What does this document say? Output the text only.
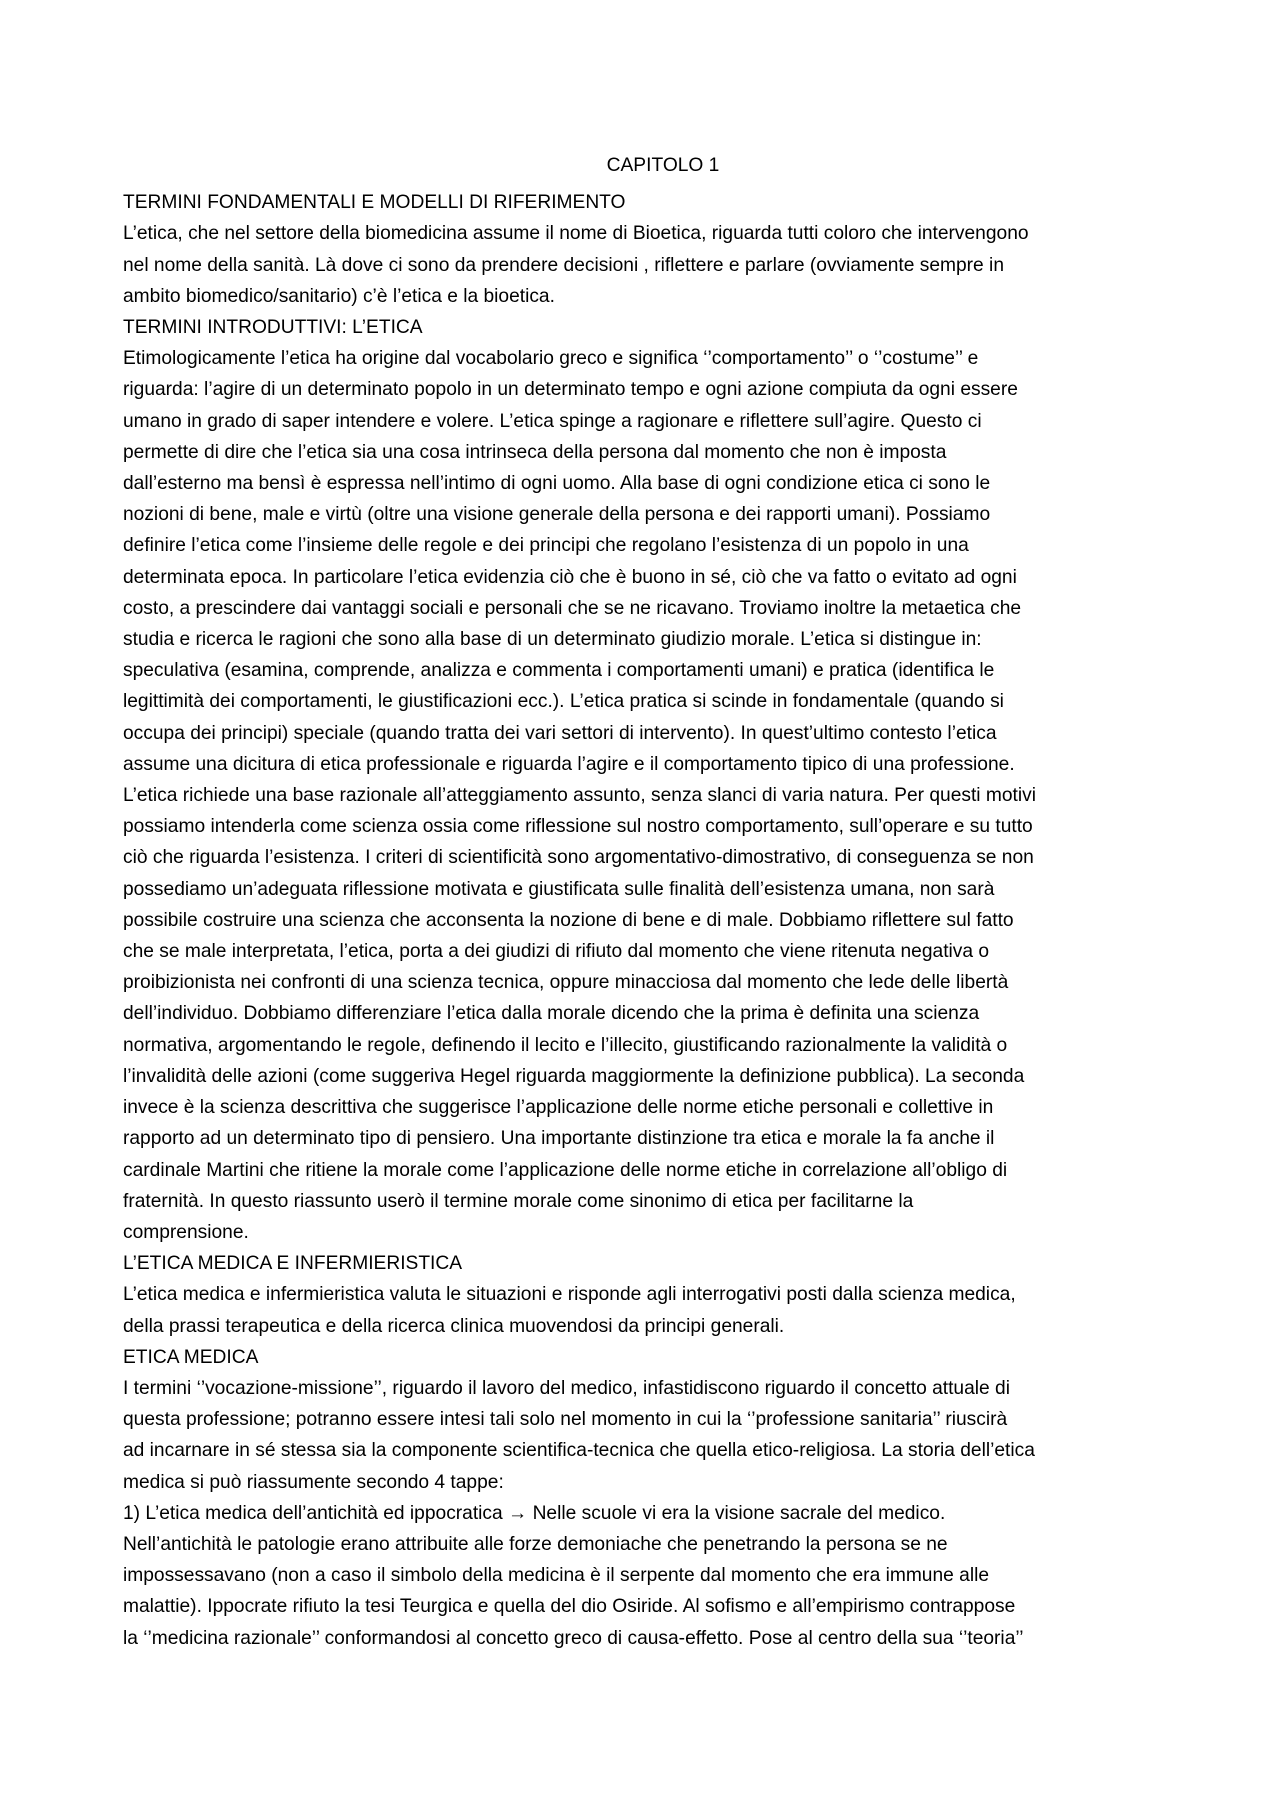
CAPITOLO 1
TERMINI FONDAMENTALI E MODELLI DI RIFERIMENTO
L’etica, che nel settore della biomedicina assume il nome di Bioetica, riguarda tutti coloro che intervengono
nel nome della sanità. Là dove ci sono da prendere decisioni , riflettere e parlare (ovviamente sempre in
ambito biomedico/sanitario) c’è l’etica e la bioetica.
TERMINI INTRODUTTIVI: L’ETICA
Etimologicamente l’etica ha origine dal vocabolario greco e significa ‘’comportamento’’ o ‘’costume’’ e
riguarda: l’agire di un determinato popolo in un determinato tempo e ogni azione compiuta da ogni essere
umano in grado di saper intendere e volere. L’etica spinge a ragionare e riflettere sull’agire. Questo ci
permette di dire che l’etica sia una cosa intrinseca della persona dal momento che non è imposta
dall’esterno ma bensì è espressa nell’intimo di ogni uomo. Alla base di ogni condizione etica ci sono le
nozioni di bene, male e virtù (oltre una visione generale della persona e dei rapporti umani). Possiamo
definire l’etica come l’insieme delle regole e dei principi che regolano l’esistenza di un popolo in una
determinata epoca. In particolare l’etica evidenzia ciò che è buono in sé, ciò che va fatto o evitato ad ogni
costo, a prescindere dai vantaggi sociali e personali che se ne ricavano. Troviamo inoltre la metaetica che
studia e ricerca le ragioni che sono alla base di un determinato giudizio morale. L’etica si distingue in:
speculativa (esamina, comprende, analizza e commenta i comportamenti umani) e pratica (identifica le
legittimità dei comportamenti, le giustificazioni ecc.). L’etica pratica si scinde in fondamentale (quando si
occupa dei principi) speciale (quando tratta dei vari settori di intervento). In quest’ultimo contesto l’etica
assume una dicitura di etica professionale e riguarda l’agire e il comportamento tipico di una professione.
L’etica richiede una base razionale all’atteggiamento assunto, senza slanci di varia natura. Per questi motivi
possiamo intenderla come scienza ossia come riflessione sul nostro comportamento, sull’operare e su tutto
ciò che riguarda l’esistenza. I criteri di scientificità sono argomentativo-dimostrativo, di conseguenza se non
possediamo un’adeguata riflessione motivata e giustificata sulle finalità dell’esistenza umana, non sarà
possibile costruire una scienza che acconsenta la nozione di bene e di male. Dobbiamo riflettere sul fatto
che se male interpretata, l’etica, porta a dei giudizi di rifiuto dal momento che viene ritenuta negativa o
proibizionista nei confronti di una scienza tecnica, oppure minacciosa dal momento che lede delle libertà
dell’individuo. Dobbiamo differenziare l’etica dalla morale dicendo che la prima è definita una scienza
normativa, argomentando le regole, definendo il lecito e l’illecito, giustificando razionalmente la validità o
l’invalidità delle azioni (come suggeriva Hegel riguarda maggiormente la definizione pubblica). La seconda
invece è la scienza descrittiva che suggerisce l’applicazione delle norme etiche personali e collettive in
rapporto ad un determinato tipo di pensiero. Una importante distinzione tra etica e morale la fa anche il
cardinale Martini che ritiene la morale come l’applicazione delle norme etiche in correlazione all’obligo di
fraternità. In questo riassunto userò il termine morale come sinonimo di etica per facilitarne la
comprensione.
L’ETICA MEDICA E INFERMIERISTICA
L’etica medica e infermieristica valuta le situazioni e risponde agli interrogativi posti dalla scienza medica,
della prassi terapeutica e della ricerca clinica muovendosi da principi generali.
ETICA MEDICA
I termini ‘’vocazione-missione’’, riguardo il lavoro del medico, infastidiscono riguardo il concetto attuale di
questa professione; potranno essere intesi tali solo nel momento in cui la ‘’professione sanitaria’’ riuscirà
ad incarnare in sé stessa sia la componente scientifica-tecnica che quella etico-religiosa. La storia dell’etica
medica si può riassumente secondo 4 tappe:
1) L’etica medica dell’antichità ed ippocratica → Nelle scuole vi era la visione sacrale del medico.
Nell’antichità le patologie erano attribuite alle forze demoniache che penetrando la persona se ne
impossessavano (non a caso il simbolo della medicina è il serpente dal momento che era immune alle
malattie). Ippocrate rifiuto la tesi Teurgica e quella del dio Osiride. Al sofismo e all’empirismo contrappose
la ‘’medicina razionale’’ conformandosi al concetto greco di causa-effetto. Pose al centro della sua ‘’teoria’’
